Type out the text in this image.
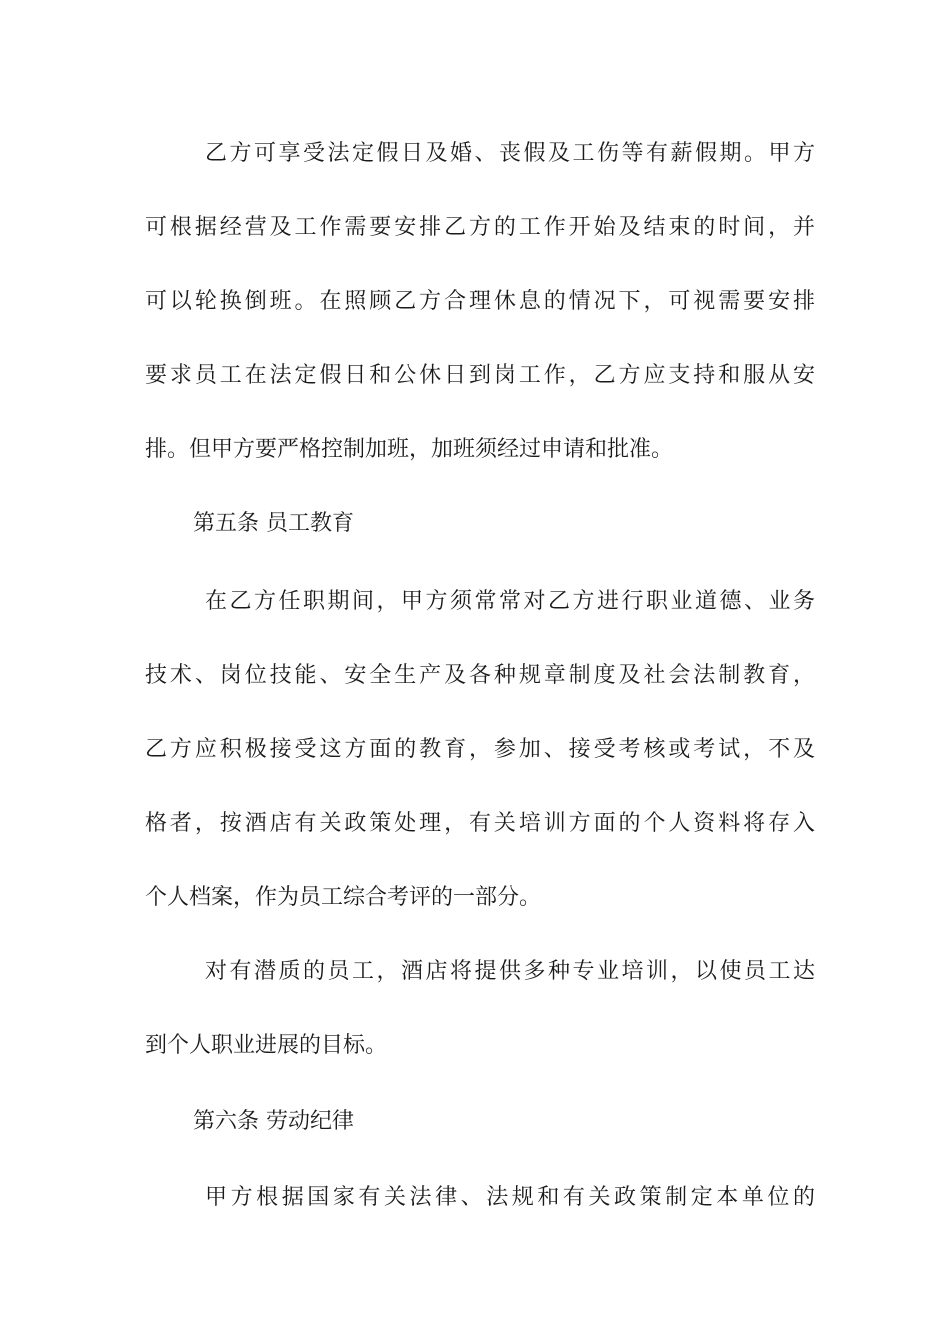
乙方可享受法定假日及婚、丧假及工伤等有薪假期。甲方
可根据经营及工作需要安排乙方的工作开始及结束的时间，并
可以轮换倒班。在照顾乙方合理休息的情况下，可视需要安排
要求员工在法定假日和公休日到岗工作，乙方应支持和服从安
排。但甲方要严格控制加班，加班须经过申请和批准。
第五条 员工教育
在乙方任职期间，甲方须常常对乙方进行职业道德、业务
技术、岗位技能、安全生产及各种规章制度及社会法制教育，
乙方应积极接受这方面的教育，参加、接受考核或考试，不及
格者，按酒店有关政策处理，有关培训方面的个人资料将存入
个人档案，作为员工综合考评的一部分。
对有潜质的员工，酒店将提供多种专业培训，以使员工达
到个人职业进展的目标。
第六条 劳动纪律
甲方根据国家有关法律、法规和有关政策制定本单位的
